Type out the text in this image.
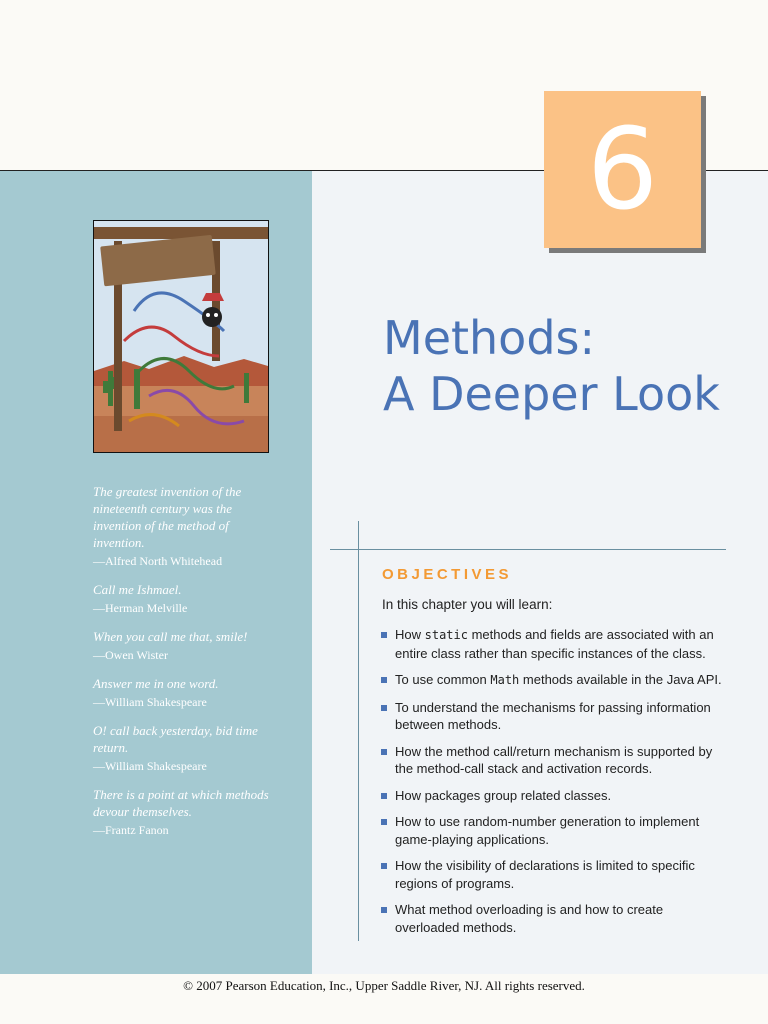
6

The greatest invention of the nineteenth century was the invention of the method of invention.

—Alfred North Whitehead

Call me Ishmael.

—Herman Melville

When you call me that, smile!

—Owen Wister

Answer me in one word.

—William Shakespeare

O! call back yesterday, bid time return.

—William Shakespeare

There is a point at which methods devour themselves.

—Frantz Fanon

Methods:
A Deeper Look
OBJECTIVES
In this chapter you will learn:
How static methods and fields are associated with an entire class rather than specific instances of the class.
To use common Math methods available in the Java API.
To understand the mechanisms for passing information between methods.
How the method call/return mechanism is supported by the method-call stack and activation records.
How packages group related classes.
How to use random-number generation to implement game-playing applications.
How the visibility of declarations is limited to specific regions of programs.
What method overloading is and how to create overloaded methods.
© 2007 Pearson Education, Inc., Upper Saddle River, NJ. All rights reserved.
